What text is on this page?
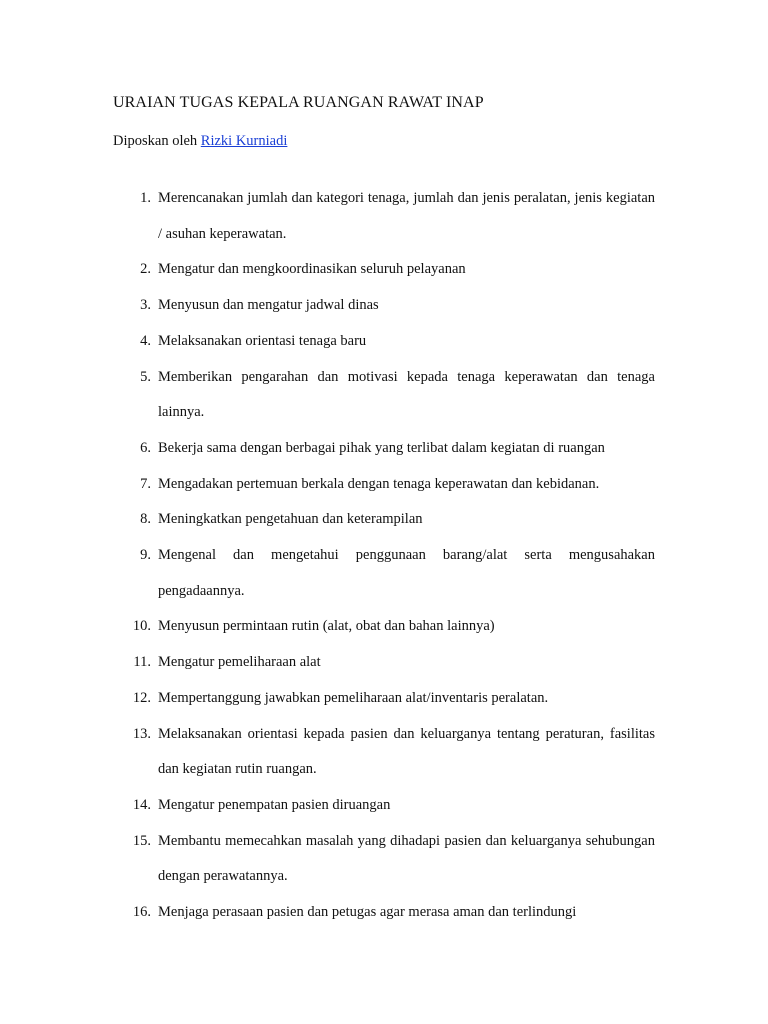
URAIAN TUGAS KEPALA RUANGAN RAWAT INAP
Diposkan oleh Rizki Kurniadi
1. Merencanakan jumlah dan kategori tenaga, jumlah dan jenis peralatan, jenis kegiatan / asuhan keperawatan.
2. Mengatur dan mengkoordinasikan seluruh pelayanan
3. Menyusun dan mengatur jadwal dinas
4. Melaksanakan orientasi tenaga baru
5. Memberikan pengarahan dan motivasi kepada tenaga keperawatan dan tenaga lainnya.
6. Bekerja sama dengan berbagai pihak yang terlibat dalam kegiatan di ruangan
7. Mengadakan pertemuan berkala dengan tenaga keperawatan dan kebidanan.
8. Meningkatkan pengetahuan dan keterampilan
9. Mengenal dan mengetahui penggunaan barang/alat serta mengusahakan pengadaannya.
10. Menyusun permintaan rutin (alat, obat dan bahan lainnya)
11. Mengatur pemeliharaan alat
12. Mempertanggung jawabkan pemeliharaan alat/inventaris peralatan.
13. Melaksanakan orientasi kepada pasien dan keluarganya tentang peraturan, fasilitas dan kegiatan rutin ruangan.
14. Mengatur penempatan pasien diruangan
15. Membantu memecahkan masalah yang dihadapi pasien dan keluarganya sehubungan dengan perawatannya.
16. Menjaga perasaan pasien dan petugas agar merasa aman dan terlindungi
